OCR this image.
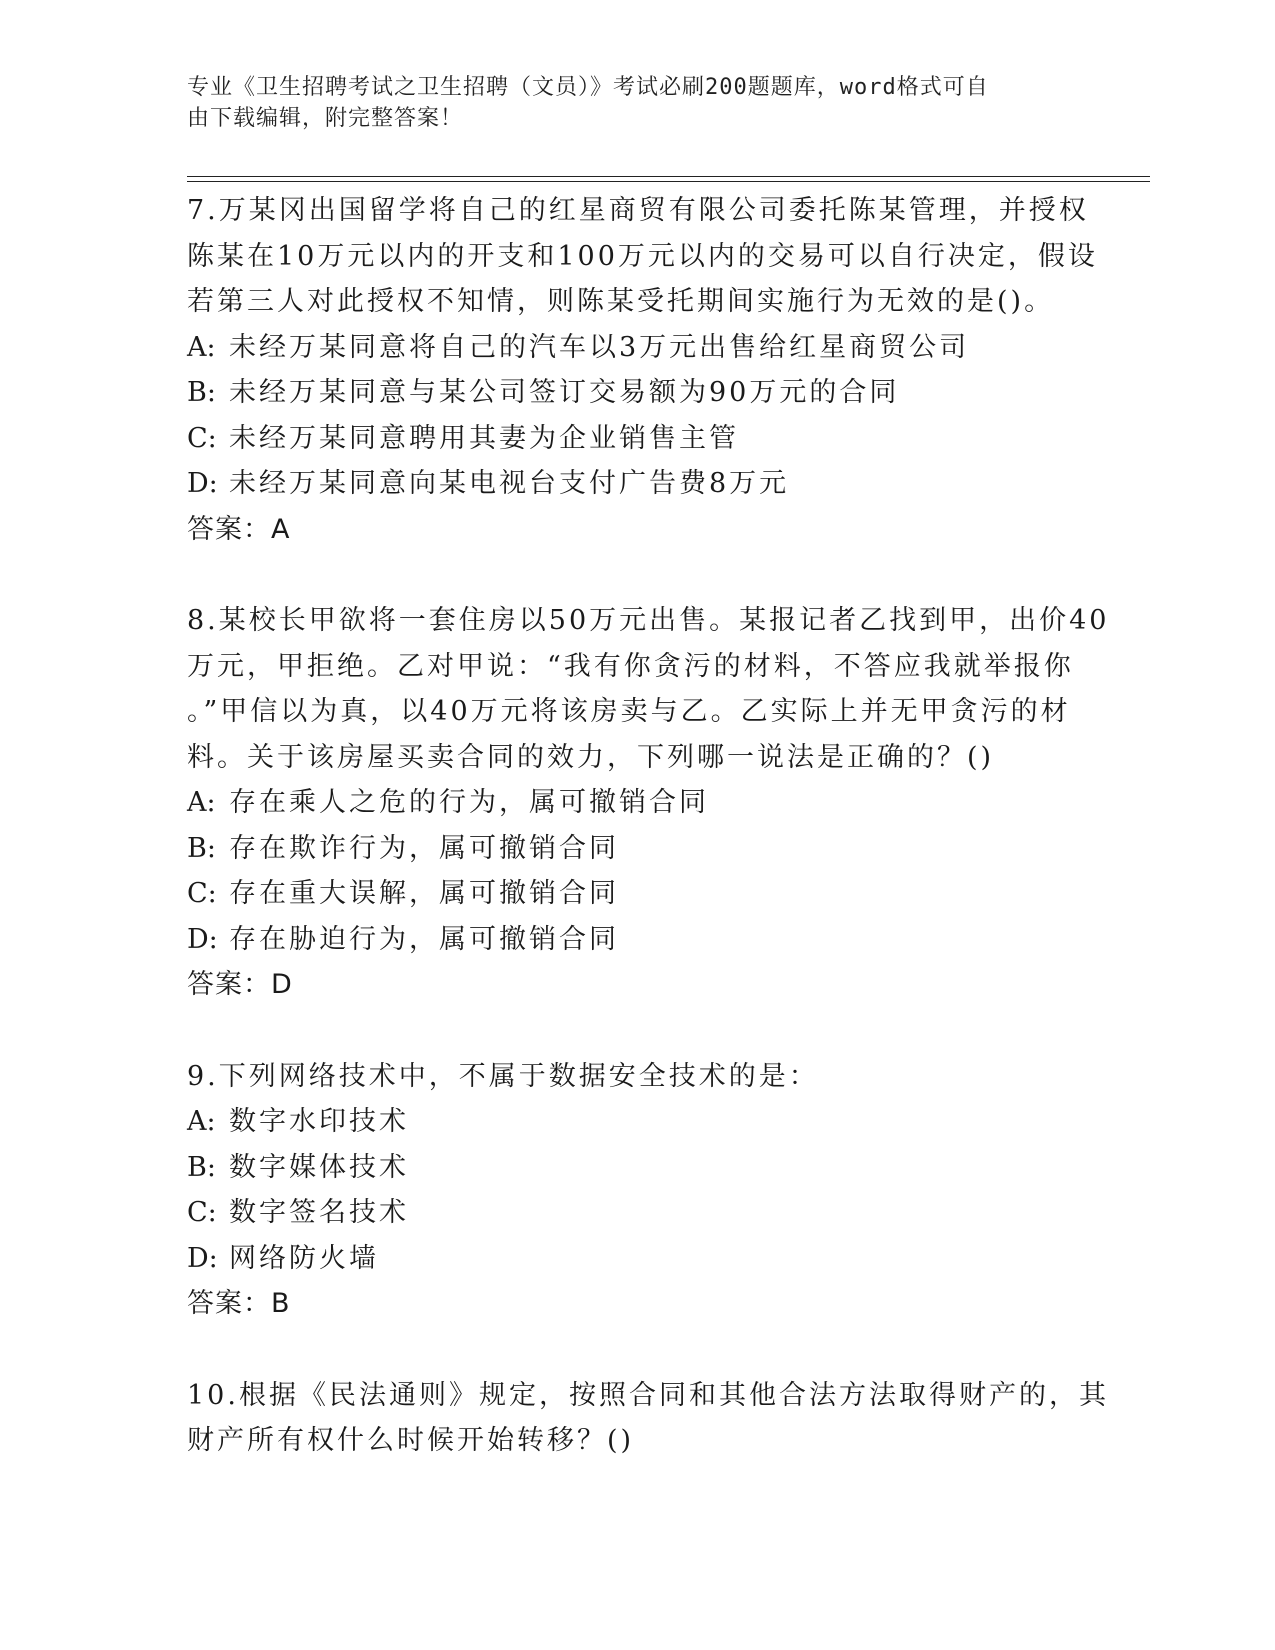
专业《卫生招聘考试之卫生招聘（文员）》考试必刷200题题库，word格式可自
由下载编辑，附完整答案！

7.万某冈出国留学将自己的红星商贸有限公司委托陈某管理，并授权

陈某在10万元以内的开支和100万元以内的交易可以自行决定，假设

若第三人对此授权不知情，则陈某受托期间实施行为无效的是()。

A: 未经万某同意将自己的汽车以3万元出售给红星商贸公司
B: 未经万某同意与某公司签订交易额为90万元的合同
C: 未经万某同意聘用其妻为企业销售主管
D: 未经万某同意向某电视台支付广告费8万元
答案：A

8.某校长甲欲将一套住房以50万元出售。某报记者乙找到甲，出价40

万元，甲拒绝。乙对甲说：“我有你贪污的材料，不答应我就举报你

。”甲信以为真，以40万元将该房卖与乙。乙实际上并无甲贪污的材

料。关于该房屋买卖合同的效力，下列哪一说法是正确的？()

A: 存在乘人之危的行为，属可撤销合同
B: 存在欺诈行为，属可撤销合同
C: 存在重大误解，属可撤销合同
D: 存在胁迫行为，属可撤销合同
答案：D

9.下列网络技术中，不属于数据安全技术的是：

A: 数字水印技术
B: 数字媒体技术
C: 数字签名技术
D: 网络防火墙
答案：B

10.根据《民法通则》规定，按照合同和其他合法方法取得财产的，其

财产所有权什么时候开始转移？()
